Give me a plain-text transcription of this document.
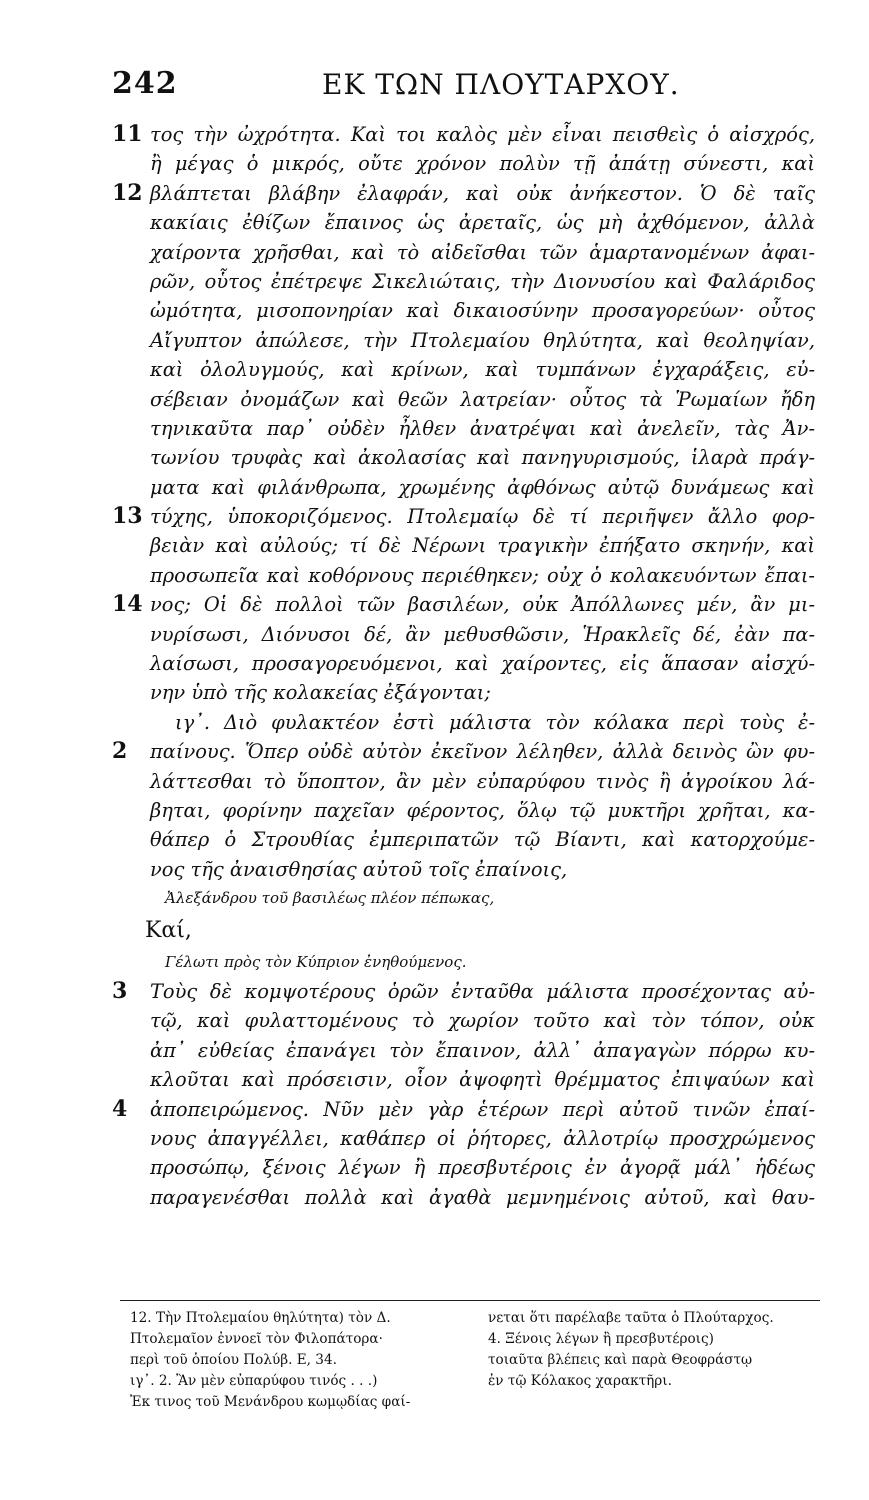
242	ΕΚ ΤΩΝ ΠΛΟΥΤΑΡΧΟΥ.
11 τος τὴν ὠχρότητα. Καὶ τοι καλὸς μὲν εἶναι πεισθεὶς ὁ αἰσχρός,
ἢ μέγας ὁ μικρός, οὔτε χρόνον πολὺν τῇ ἀπάτῃ σύνεστι, καὶ
12 βλάπτεται βλάβην ἐλαφράν, καὶ οὐκ ἀνήκεστον. Ὁ δὲ ταῖς
κακίαις ἐθίζων ἔπαινος ὡς ἀρεταῖς, ὡς μὴ ἀχθόμενον, ἀλλὰ
χαίροντα χρῆσθαι, καὶ τὸ αἰδεῖσθαι τῶν ἁμαρτανομένων ἀφαι-
ρῶν, οὗτος ἐπέτρεψε Σικελιώταις, τὴν Διονυσίου καὶ Φαλάριδος
ὠμότητα, μισοπονηρίαν καὶ δικαιοσύνην προσαγορεύων· οὗτος
Αἴγυπτον ἀπώλεσε, τὴν Πτολεμαίου θηλύτητα, καὶ θεοληψίαν,
καὶ ὀλολυγμούς, καὶ κρίνων, καὶ τυμπάνων ἐγχαράξεις, εὐ-
σέβειαν ὀνομάζων καὶ θεῶν λατρείαν· οὗτος τὰ Ῥωμαίων ἤδη
τηνικαῦτα παρ᾽ οὐδὲν ἦλθεν ἀνατρέψαι καὶ ἀνελεῖν, τὰς Ἀν-
τωνίου τρυφὰς καὶ ἀκολασίας καὶ πανηγυρισμούς, ἱλαρὰ πράγ-
ματα καὶ φιλάνθρωπα, χρωμένης ἀφθόνως αὐτῷ δυνάμεως καὶ
13 τύχης, ὑποκοριζόμενος. Πτολεμαίῳ δὲ τί περιῆψεν ἄλλο φορ-
βειὰν καὶ αὐλούς; τί δὲ Νέρωνι τραγικὴν ἐπήξατο σκηνήν, καὶ
προσωπεῖα καὶ κοθόρνους περιέθηκεν; οὐχ ὁ κολακευόντων ἔπαι-
14 νος; Οἱ δὲ πολλοὶ τῶν βασιλέων, οὐκ Ἀπόλλωνες μέν, ἂν μι-
νυρίσωσι, Διόνυσοι δέ, ἂν μεθυσθῶσιν, Ἡρακλεῖς δέ, ἐὰν πα-
λαίσωσι, προσαγορευόμενοι, καὶ χαίροντες, εἰς ἅπασαν αἰσχύ-
νην ὑπὸ τῆς κολακείας ἐξάγονται;
ιγ᾽. Διὸ φυλακτέον ἐστὶ μάλιστα τὸν κόλακα περὶ τοὺς ἐ-
2 παίνους. Ὅπερ οὐδὲ αὐτὸν ἐκεῖνον λέληθεν, ἀλλὰ δεινὸς ὢν φυ-
λάττεσθαι τὸ ὕποπτον, ἂν μὲν εὐπαρύφου τινὸς ἢ ἀγροίκου λά-
βηται, φορίνην παχεῖαν φέροντος, ὅλῳ τῷ μυκτῆρι χρῆται, κα-
θάπερ ὁ Στρουθίας ἐμπεριπατῶν τῷ Βίαντι, καὶ κατορχούμε-
νος τῆς ἀναισθησίας αὐτοῦ τοῖς ἐπαίνοις,
Ἀλεξάνδρου τοῦ βασιλέως πλέον πέπωκας,
Καί,
Γέλωτι πρὸς τὸν Κύπριον ἐνηθούμενος.
3 Τοὺς δὲ κομψοτέρους ὁρῶν ἐνταῦθα μάλιστα προσέχοντας αὐ-
τῷ, καὶ φυλαττομένους τὸ χωρίον τοῦτο καὶ τὸν τόπον, οὐκ
ἀπ᾽ εὐθείας ἐπανάγει τὸν ἔπαινον, ἀλλ᾽ ἀπαγαγὼν πόρρω κυ-
κλοῦται καὶ πρόσεισιν, οἷον ἀψοφητὶ θρέμματος ἐπιψαύων καὶ
4 ἀποπειρώμενος. Νῦν μὲν γὰρ ἑτέρων περὶ αὐτοῦ τινῶν ἐπαί-
νους ἀπαγγέλλει, καθάπερ οἱ ῥήτορες, ἀλλοτρίῳ προσχρώμενος
προσώπῳ, ξένοις λέγων ἢ πρεσβυτέροις ἐν ἀγορᾷ μάλ᾽ ἡδέως
παραγενέσθαι πολλὰ καὶ ἀγαθὰ μεμνημένοις αὐτοῦ, καὶ θαυ-
12. Τὴν Πτολεμαίου θηλύτητα) τὸν Δ.
Πτολεμαῖον ἐννοεῖ τὸν Φιλοπάτορα·
περὶ τοῦ ὁποίου Πολύβ. Ε, 34.
ιγ᾽. 2. Ἂν μὲν εὐπαρύφου τινός . . .)
Ἐκ τινος τοῦ Μενάνδρου κωμῳδίας φαί-
νεται ὅτι παρέλαβε ταῦτα ὁ Πλούταρχος.
4. Ξένοις λέγων ἢ πρεσβυτέροις)
τοιαῦτα βλέπεις καὶ παρὰ Θεοφράστῳ
ἐν τῷ Κόλακος χαρακτῆρι.
